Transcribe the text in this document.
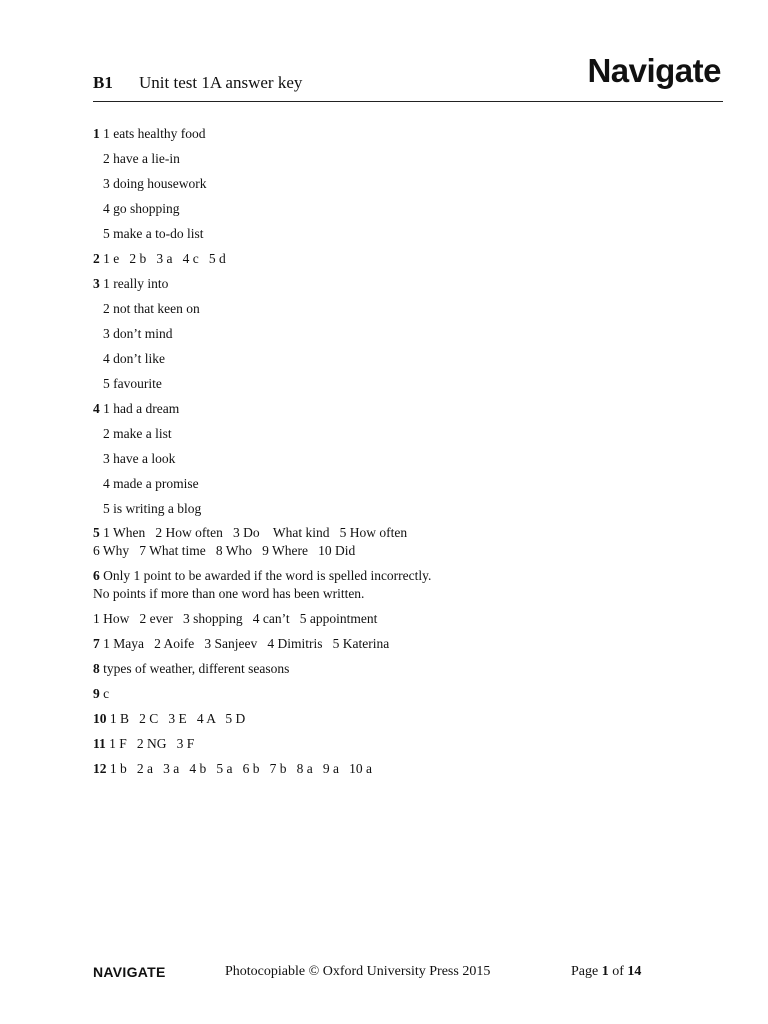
B1 Unit test 1A answer key	Navigate
1 1 eats healthy food
2 have a lie-in
3 doing housework
4 go shopping
5 make a to-do list
2 1 e   2 b   3 a   4 c   5 d
3 1 really into
2 not that keen on
3 don’t mind
4 don’t like
5 favourite
4 1 had a dream
2 make a list
3 have a look
4 made a promise
5 is writing a blog
5 1 When   2 How often   3 Do    What kind   5 How often
6 Why   7 What time   8 Who   9 Where   10 Did
6 Only 1 point to be awarded if the word is spelled incorrectly.
No points if more than one word has been written.
1 How   2 ever   3 shopping   4 can’t   5 appointment
7 1 Maya   2 Aoife   3 Sanjeev   4 Dimitris   5 Katerina
8 types of weather, different seasons
9 c
10 1 B   2 C   3 E   4 A   5 D
11 1 F   2 NG   3 F
12 1 b   2 a   3 a   4 b   5 a   6 b   7 b   8 a   9 a   10 a
NAVIGATE	Photocopiable © Oxford University Press 2015	Page 1 of 14
